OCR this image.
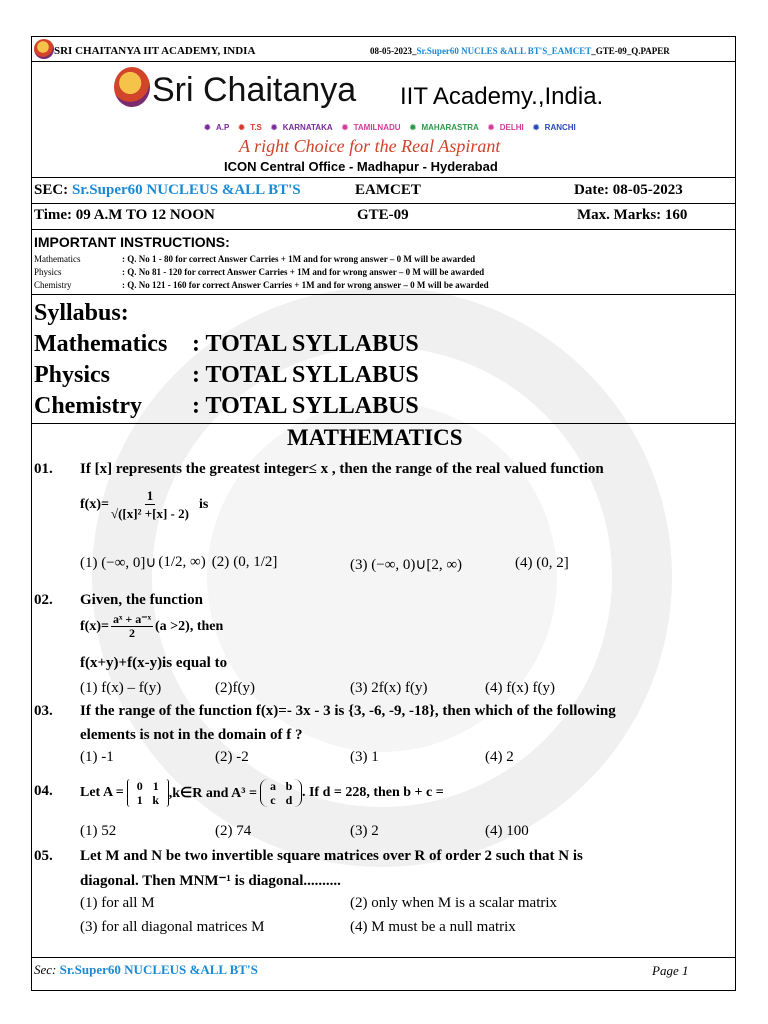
SRI CHAITANYA IIT ACADEMY, INDIA	08-05-2023_Sr.Super60 NUCLES &ALL BT'S_EAMCET_GTE-09_Q.PAPER
Sri Chaitanya IIT Academy.,India.
✹ A.P ✹ T.S ✹ KARNATAKA ✹ TAMILNADU ✹ MAHARASTRA ✹ DELHI ✹ RANCHI
A right Choice for the Real Aspirant
ICON Central Office - Madhapur - Hyderabad
SEC: Sr.Super60 NUCLEUS &ALL BT'S	EAMCET	Date: 08-05-2023
Time: 09 A.M TO 12 NOON	GTE-09	Max. Marks: 160
IMPORTANT INSTRUCTIONS:
Mathematics	: Q. No 1 - 80 for correct Answer Carries + 1M and for wrong answer – 0 M will be awarded
Physics	: Q. No 81 - 120 for correct Answer Carries + 1M and for wrong answer – 0 M will be awarded
Chemistry	: Q. No 121 - 160 for correct Answer Carries + 1M and for wrong answer – 0 M will be awarded
Syllabus:
Mathematics : TOTAL SYLLABUS
Physics	: TOTAL SYLLABUS
Chemistry : TOTAL SYLLABUS
MATHEMATICS
01. If [x] represents the greatest integer≤ x , then the range of the real valued function
$f(x)= \frac{1}{\text{√([x]² +[x] - 2)}}$ is
(1) (−∞, 0]∪ (1/2, ∞) (2) (0, 1/2]	(3) (−∞, 0)∪[2, ∞)	(4) (0, 2]
02. Given, the function
$f(x)= \frac{\text{aˣ + a⁻ˣ}}{2} (a >2)$, then
f(x+y)+f(x-y)is equal to
(1) f(x) – f(y)	(2)f(y)	(3) 2f(x) f(y)	(4) f(x) f(y)
03. If the range of the function f(x)=- 3x - 3 is {3, -6, -9, -18}, then which of the following
elements is not in the domain of f ?
(1) -1	(2) -2	(3) 1	(4) 2
04. Let A =	0 1
1 k ,k∈R and A³ =	a b
c d . If d = 228, then b + c =
(1) 52	(2) 74	(3) 2	(4) 100
05. Let M and N be two invertible square matrices over R of order 2 such that N is
diagonal. Then MNM⁻¹ is diagonal..........
(1) for all M	(2) only when M is a scalar matrix
(3) for all diagonal matrices M	(4) M must be a null matrix
Sec: Sr.Super60 NUCLEUS &ALL BT'S	Page 1
